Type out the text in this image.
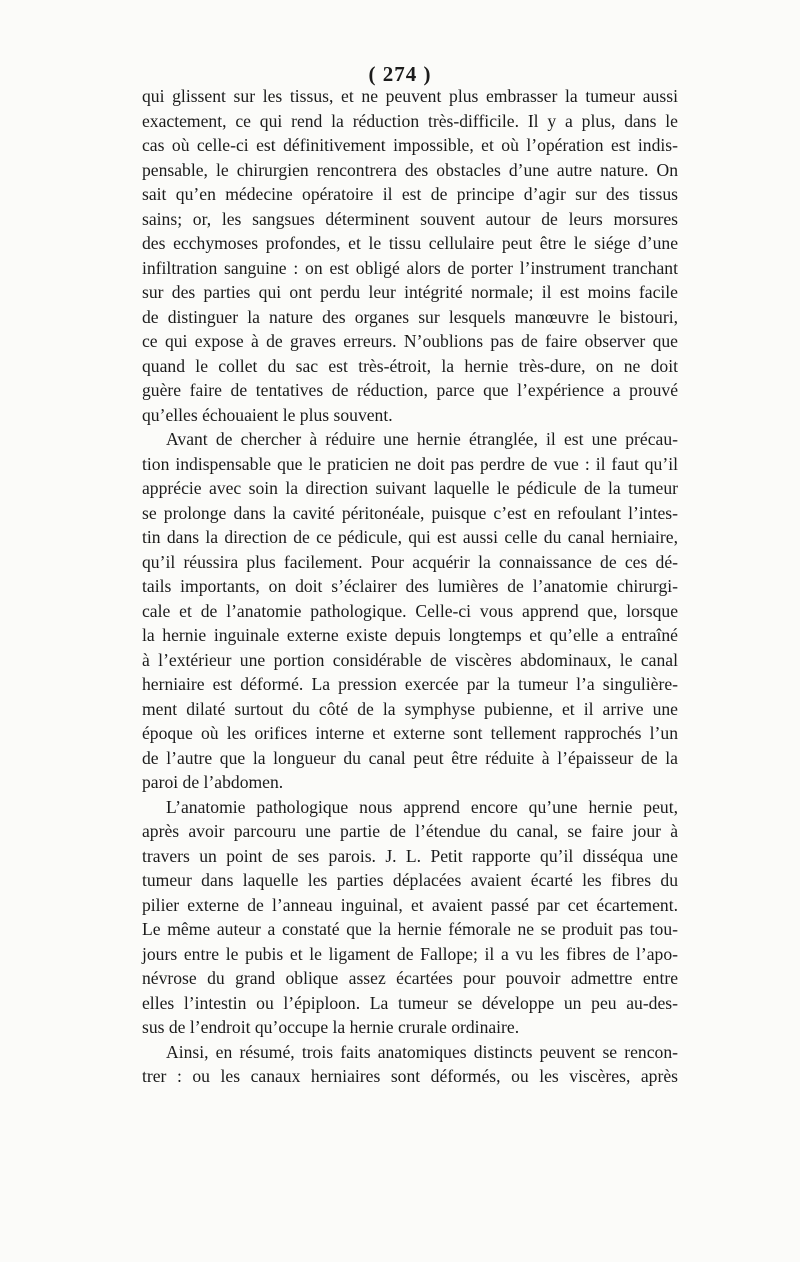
( 274 )
qui glissent sur les tissus, et ne peuvent plus embrasser la tumeur aussi
exactement, ce qui rend la réduction très-difficile. Il y a plus, dans le
cas où celle-ci est définitivement impossible, et où l’opération est indis-
pensable, le chirurgien rencontrera des obstacles d’une autre nature. On
sait qu’en médecine opératoire il est de principe d’agir sur des tissus
sains; or, les sangsues déterminent souvent autour de leurs morsures
des ecchymoses profondes, et le tissu cellulaire peut être le siége d’une
infiltration sanguine : on est obligé alors de porter l’instrument tranchant
sur des parties qui ont perdu leur intégrité normale; il est moins facile
de distinguer la nature des organes sur lesquels manœuvre le bistouri,
ce qui expose à de graves erreurs. N’oublions pas de faire observer que
quand le collet du sac est très-étroit, la hernie très-dure, on ne doit
guère faire de tentatives de réduction, parce que l’expérience a prouvé
qu’elles échouaient le plus souvent.
Avant de chercher à réduire une hernie étranglée, il est une précau-
tion indispensable que le praticien ne doit pas perdre de vue : il faut qu’il
apprécie avec soin la direction suivant laquelle le pédicule de la tumeur
se prolonge dans la cavité péritonéale, puisque c’est en refoulant l’intes-
tin dans la direction de ce pédicule, qui est aussi celle du canal herniaire,
qu’il réussira plus facilement. Pour acquérir la connaissance de ces dé-
tails importants, on doit s’éclairer des lumières de l’anatomie chirurgi-
cale et de l’anatomie pathologique. Celle-ci vous apprend que, lorsque
la hernie inguinale externe existe depuis longtemps et qu’elle a entraîné
à l’extérieur une portion considérable de viscères abdominaux, le canal
herniaire est déformé. La pression exercée par la tumeur l’a singulière-
ment dilaté surtout du côté de la symphyse pubienne, et il arrive une
époque où les orifices interne et externe sont tellement rapprochés l’un
de l’autre que la longueur du canal peut être réduite à l’épaisseur de la
paroi de l’abdomen.
L’anatomie pathologique nous apprend encore qu’une hernie peut,
après avoir parcouru une partie de l’étendue du canal, se faire jour à
travers un point de ses parois. J. L. Petit rapporte qu’il disséqua une
tumeur dans laquelle les parties déplacées avaient écarté les fibres du
pilier externe de l’anneau inguinal, et avaient passé par cet écartement.
Le même auteur a constaté que la hernie fémorale ne se produit pas tou-
jours entre le pubis et le ligament de Fallope; il a vu les fibres de l’apo-
névrose du grand oblique assez écartées pour pouvoir admettre entre
elles l’intestin ou l’épiploon. La tumeur se développe un peu au-des-
sus de l’endroit qu’occupe la hernie crurale ordinaire.
Ainsi, en résumé, trois faits anatomiques distincts peuvent se rencon-
trer : ou les canaux herniaires sont déformés, ou les viscères, après
